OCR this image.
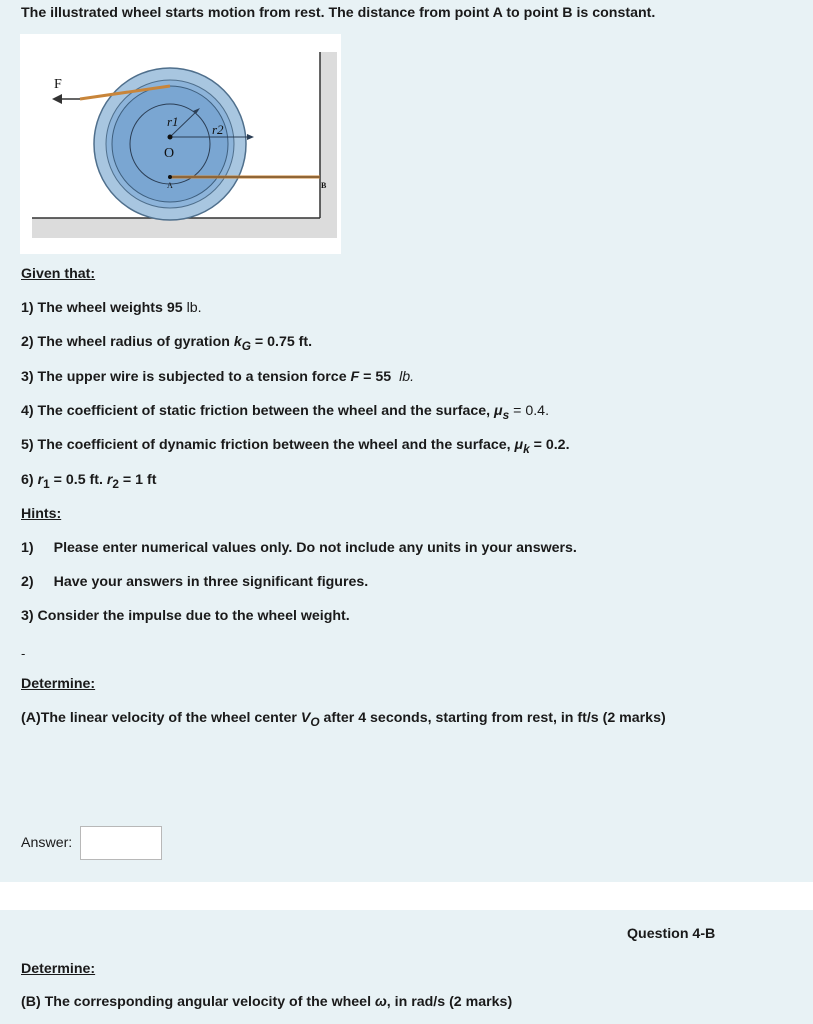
The illustrated wheel starts motion from rest. The distance from point A to point B is constant.
F
r1
r2
O
A	B
Given that:
1) The wheel weights 95 lb.
2) The wheel radius of gyration $k_G = 0.75$ ft.
3) The upper wire is subjected to a tension force F = 55 lb.
4) The coefficient of static friction between the wheel and the surface, $\mu_s = 0.4$.
5) The coefficient of dynamic friction between the wheel and the surface, $\mu_k = 0.2$.
6) $r_1 = 0.5$ ft. $r_2 = 1$ ft
Hints:
1) Please enter numerical values only. Do not include any units in your answers.
2) Have your answers in three significant figures.
3) Consider the impulse due to the wheel weight.
-
Determine:
(A)The linear velocity of the wheel center $V_O$ after 4 seconds, starting from rest, in ft/s (2 marks)
Answer:
Question 4-B
Determine:
(B) The corresponding angular velocity of the wheel ω, in rad/s (2 marks)
